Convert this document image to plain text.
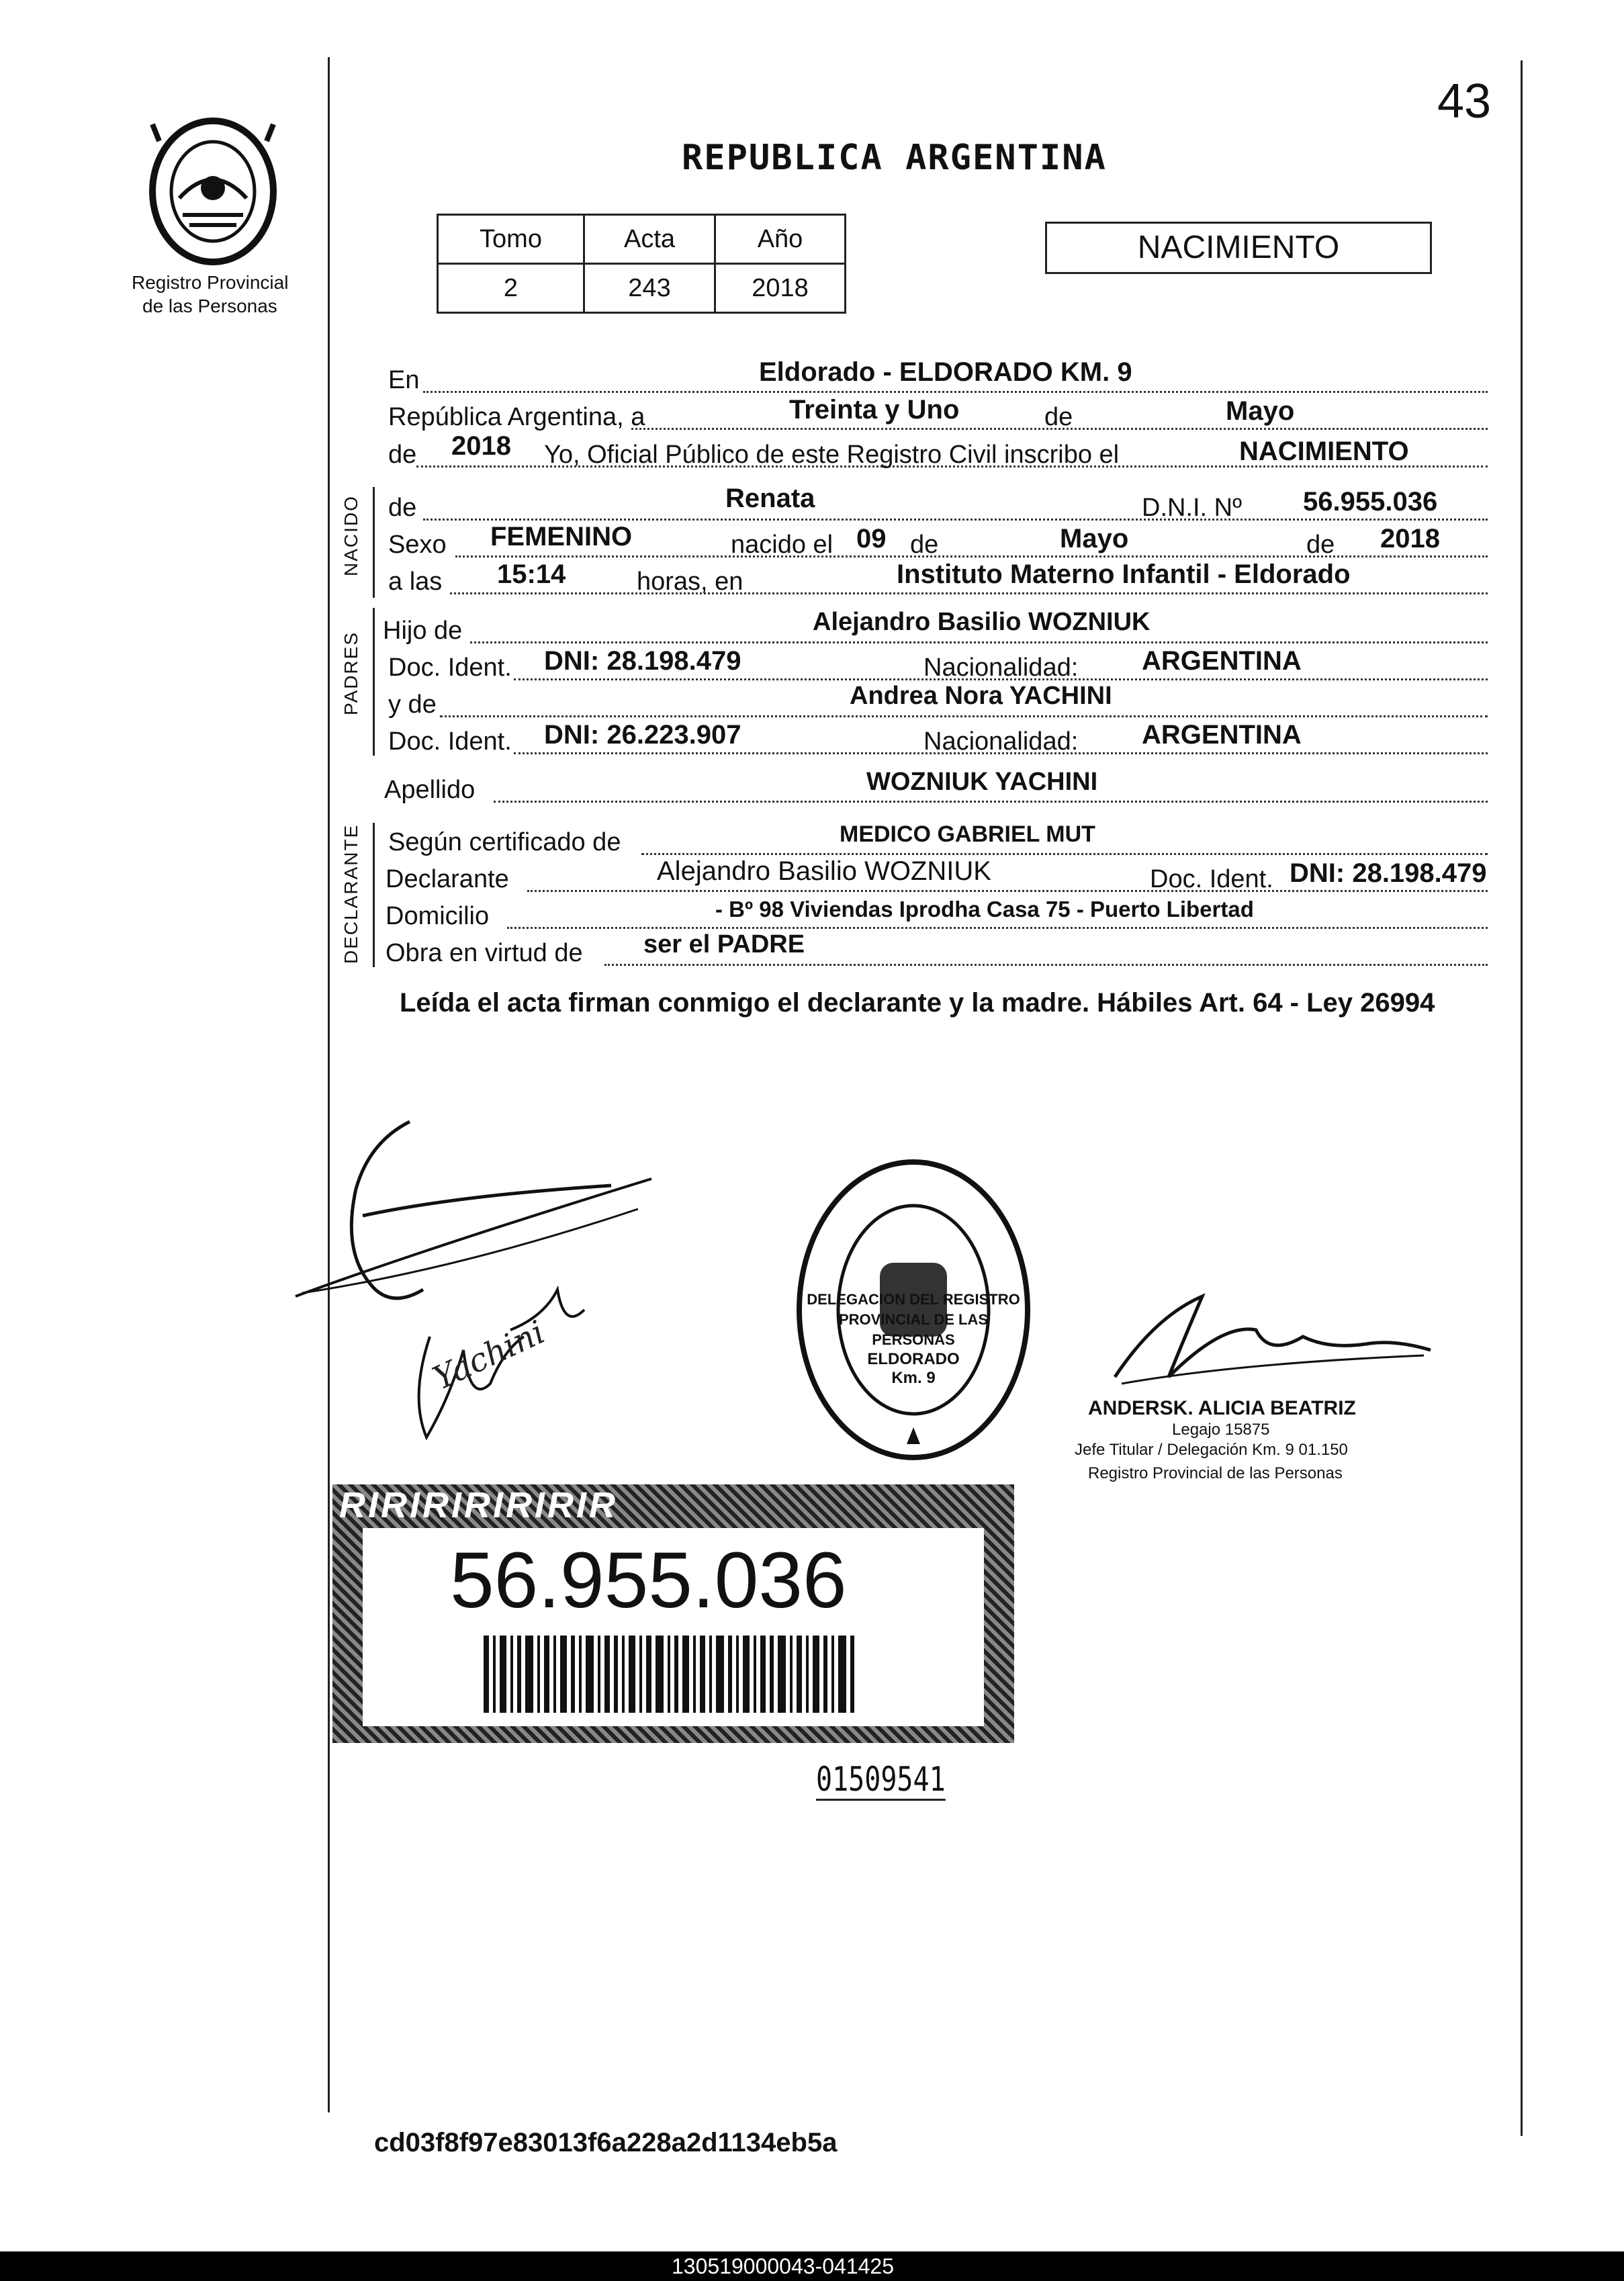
43
Registro Provincial
de las Personas
REPUBLICA ARGENTINA
Tomo	Acta	Año
2	243	2018
NACIMIENTO
En	Eldorado - ELDORADO KM. 9
República Argentina, a	Treinta y Uno	de	Mayo
de 2018 Yo, Oficial Público de este Registro Civil inscribo el	NACIMIENTO
NACIDO de	Renata	D.N.I. Nº 56.955.036
Sexo FEMENINO	nacido el 09 de	Mayo	de 2018
a las 15:14	horas, en	Instituto Materno Infantil - Eldorado
PADRES
Hijo de	Alejandro Basilio WOZNIUK
Doc. Ident. DNI: 28.198.479	Nacionalidad: ARGENTINA
y de	Andrea Nora YACHINI
Doc. Ident. DNI: 26.223.907	Nacionalidad: ARGENTINA
Apellido	WOZNIUK YACHINI
DECLARANTE Según certificado de	MEDICO GABRIEL MUT
Declarante	Alejandro Basilio WOZNIUK	Doc. Ident. DNI: 28.198.479
Domicilio	- Bº 98 Viviendas Iprodha Casa 75 - Puerto Libertad
Obra en virtud de ser el PADRE
Leída el acta firman conmigo el declarante y la madre. Hábiles Art. 64 - Ley 26994
Yachini
DELEGACION DEL REGISTRO PROVINCIAL DE LAS PERSONAS
ELDORADO Km. 9
ANDERSK. ALICIA BEATRIZ
Legajo 15875
Jefe Titular / Delegación Km. 9 01.150
Registro Provincial de las Personas
RIRIRIRIRIRIR
56.955.036
01509541
cd03f8f97e83013f6a228a2d1134eb5a
130519000043-041425
